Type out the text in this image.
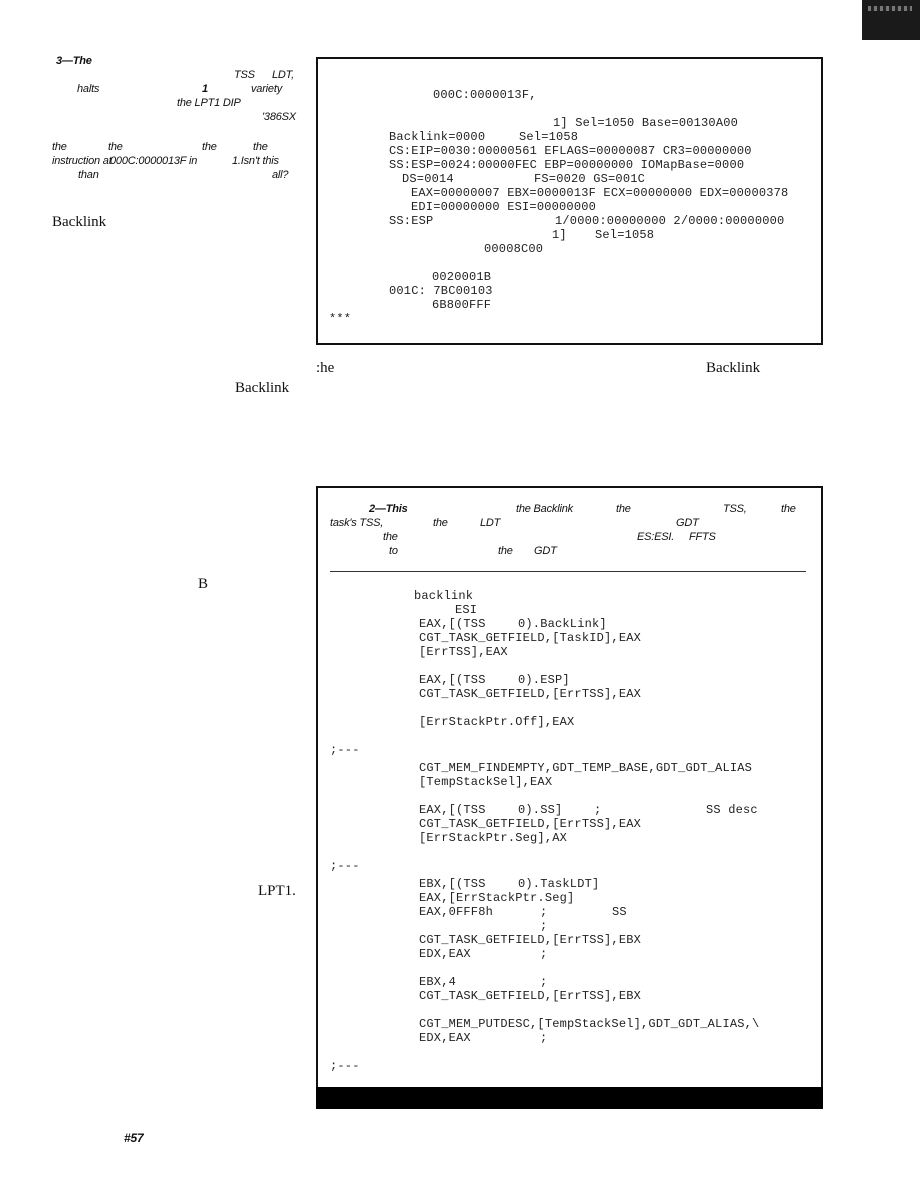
3—The
TSS LDT,
halts	1	variety
the LPT1 DIP
'386SX
the	the	the	the
instruction at
000C:0000013F in	1.Isn't this
than	all?
Backlink
B
LPT1.
000C:0000013F,
1] Sel=1050 Base=00130A00
Backlink=0000	Sel=1058
CS:EIP=0030:00000561 EFLAGS=00000087 CR3=00000000
SS:ESP=0024:00000FEC EBP=00000000 IOMapBase=0000
DS=0014	FS=0020 GS=001C
EAX=00000007 EBX=0000013F ECX=00000000 EDX=00000378
EDI=00000000 ESI=00000000
SS:ESP	1/0000:00000000 2/0000:00000000
1] Sel=1058
00008C00
0020001B
001C: 7BC00103
6B800FFF
***
:he	Backlink
Backlink
2—This	the Backlink	the	TSS,	the
task's TSS,	the	LDT	GDT
the	ES:ESI. FFTS
to	the GDT
backlink
ESI
EAX,[(TSS	0).BackLink]
CGT_TASK_GETFIELD,[TaskID],EAX
[ErrTSS],EAX
EAX,[(TSS	0).ESP]
CGT_TASK_GETFIELD,[ErrTSS],EAX
[ErrStackPtr.Off],EAX
;---
CGT_MEM_FINDEMPTY,GDT_TEMP_BASE,GDT_GDT_ALIAS
[TempStackSel],EAX
EAX,[(TSS	0).SS]	;	SS desc
CGT_TASK_GETFIELD,[ErrTSS],EAX
[ErrStackPtr.Seg],AX
;---
EBX,[(TSS	0).TaskLDT]
EAX,[ErrStackPtr.Seg]
EAX,0FFF8h	;	SS
;
CGT_TASK_GETFIELD,[ErrTSS],EBX
EDX,EAX	;
EBX,4	;
CGT_TASK_GETFIELD,[ErrTSS],EBX
CGT_MEM_PUTDESC,[TempStackSel],GDT_GDT_ALIAS,\
EDX,EAX	;
;---
#57
